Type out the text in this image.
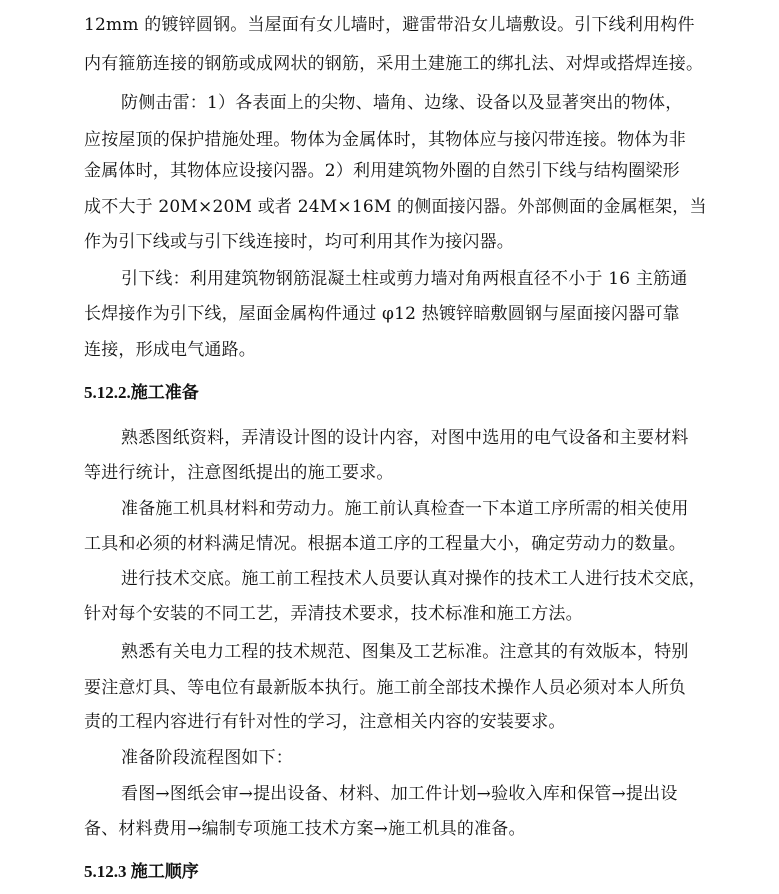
12mm 的镀锌圆钢。当屋面有女儿墙时，避雷带沿女儿墙敷设。引下线利用构件
内有箍筋连接的钢筋或成网状的钢筋，采用土建施工的绑扎法、对焊或搭焊连接。
防侧击雷：1）各表面上的尖物、墙角、边缘、设备以及显著突出的物体，
应按屋顶的保护措施处理。物体为金属体时，其物体应与接闪带连接。物体为非
金属体时，其物体应设接闪器。2）利用建筑物外圈的自然引下线与结构圈梁形
成不大于 20M×20M 或者 24M×16M 的侧面接闪器。外部侧面的金属框架，当
作为引下线或与引下线连接时，均可利用其作为接闪器。
引下线：利用建筑物钢筋混凝土柱或剪力墙对角两根直径不小于 16 主筋通
长焊接作为引下线，屋面金属构件通过 φ12 热镀锌暗敷圆钢与屋面接闪器可靠
连接，形成电气通路。
5.12.2.施工准备
熟悉图纸资料，弄清设计图的设计内容，对图中选用的电气设备和主要材料
等进行统计，注意图纸提出的施工要求。
准备施工机具材料和劳动力。施工前认真检查一下本道工序所需的相关使用
工具和必须的材料满足情况。根据本道工序的工程量大小，确定劳动力的数量。
进行技术交底。施工前工程技术人员要认真对操作的技术工人进行技术交底，
针对每个安装的不同工艺，弄清技术要求，技术标准和施工方法。
熟悉有关电力工程的技术规范、图集及工艺标准。注意其的有效版本，特别
要注意灯具、等电位有最新版本执行。施工前全部技术操作人员必须对本人所负
责的工程内容进行有针对性的学习，注意相关内容的安装要求。
准备阶段流程图如下：
看图→图纸会审→提出设备、材料、加工件计划→验收入库和保管→提出设
备、材料费用→编制专项施工技术方案→施工机具的准备。
5.12.3 施工顺序
